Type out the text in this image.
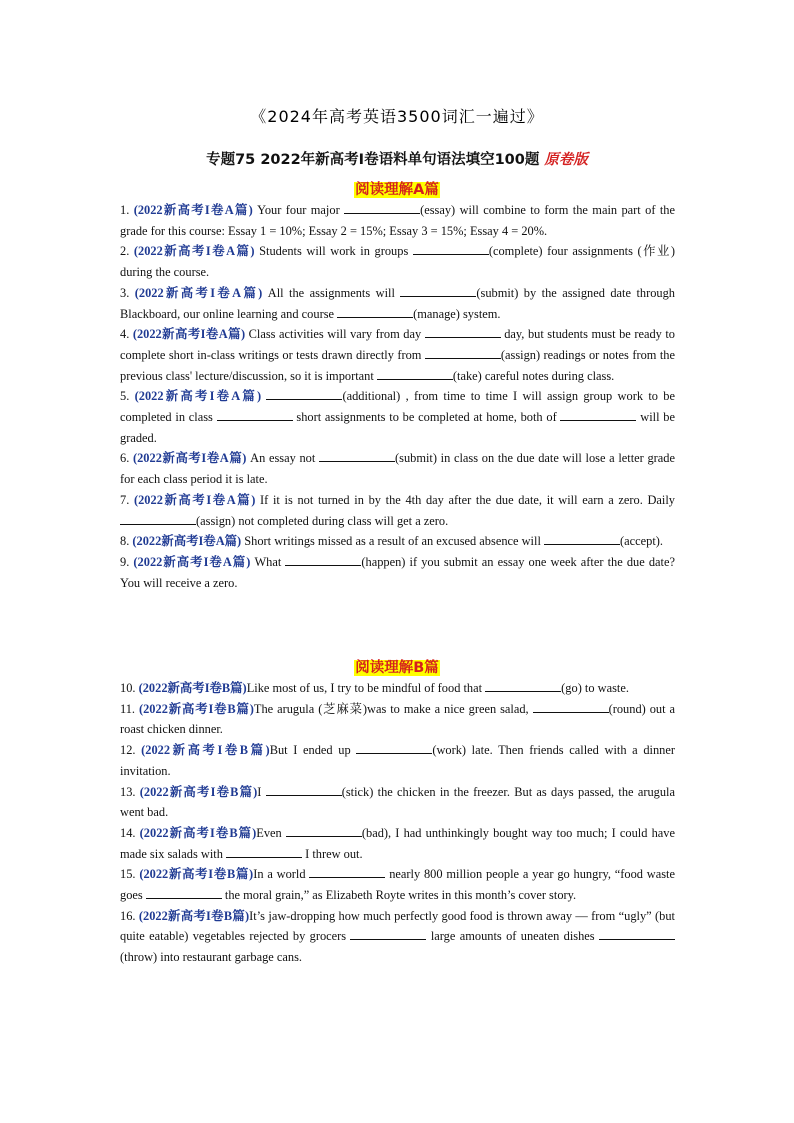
《2024年高考英语3500词汇一遍过》
专题75 2022年新高考I卷语料单句语法填空100题 原卷版
阅读理解A篇

1. (2022新高考I卷A篇) Your four major	(essay) will combine to form the main part of the grade for this course: Essay 1 = 10%; Essay 2 = 15%; Essay 3 = 15%; Essay 4 = 20%.

2. (2022新高考I卷A篇) Students will work in groups	(complete) four assignments (作业) during the course.

3. (2022新高考I卷A篇) All the assignments will	(submit) by the assigned date through Blackboard, our online learning and course	(manage) system.

4. (2022新高考I卷A篇) Class activities will vary from day	day, but students must be ready to complete short in-class writings or tests drawn directly from	(assign) readings or notes from the previous class' lecture/discussion, so it is important	(take) careful notes during class.

5. (2022新高考I卷A篇)	(additional) , from time to time I will assign group work to be completed in class	short assignments to be completed at home, both of	will be graded.

6. (2022新高考I卷A篇) An essay not	(submit) in class on the due date will lose a letter grade for each class period it is late.

7. (2022新高考I卷A篇) If it is not turned in by the 4th day after the due date, it will earn a zero. Daily (assign) not completed during class will get a zero.

8. (2022新高考I卷A篇) Short writings missed as a result of an excused absence will	(accept).

9. (2022新高考I卷A篇) What	(happen) if you submit an essay one week after the due date? You will receive a zero.

阅读理解B篇

10. (2022新高考I卷B篇)Like most of us, I try to be mindful of food that	(go) to waste.

11. (2022新高考I卷B篇)The arugula (芝麻菜)was to make a nice green salad,	(round) out a roast chicken dinner.

12. (2022新高考I卷B篇)But I ended up	(work) late. Then friends called with a dinner invitation.

13. (2022新高考I卷B篇)I	(stick) the chicken in the freezer. But as days passed, the arugula went bad.

14. (2022新高考I卷B篇)Even	(bad), I had unthinkingly bought way too much; I could have made six salads with	I threw out.

15. (2022新高考I卷B篇)In a world	nearly 800 million people a year go hungry, “food waste goes	the moral grain,” as Elizabeth Royte writes in this month’s cover story.

16. (2022新高考I卷B篇)It’s jaw-dropping how much perfectly good food is thrown away — from “ugly” (but quite eatable) vegetables rejected by grocers	large amounts of uneaten dishes (throw) into restaurant garbage cans.
